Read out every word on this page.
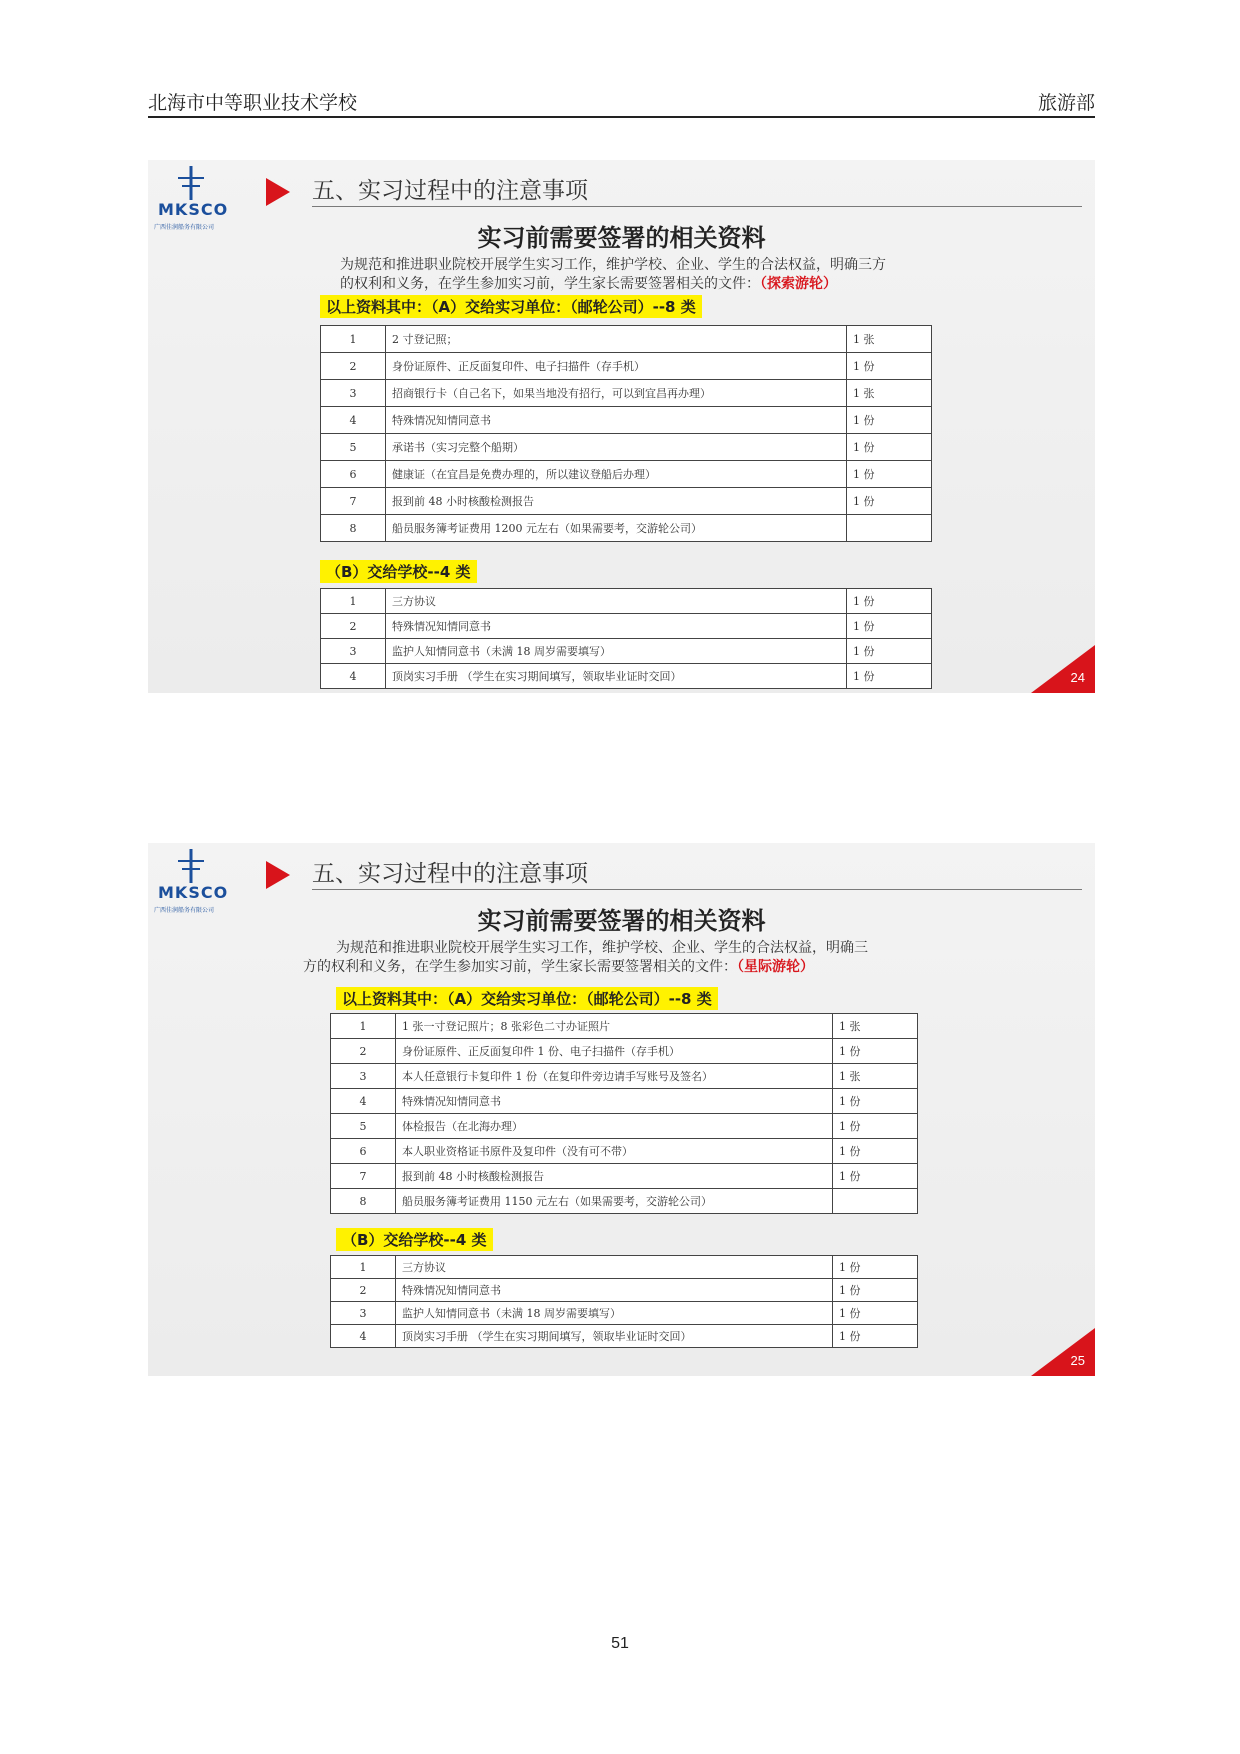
北海市中等职业技术学校	旅游部
MKSCO
广西佳润船务有限公司
五、实习过程中的注意事项
实习前需要签署的相关资料
为规范和推进职业院校开展学生实习工作，维护学校、企业、学生的合法权益，明确三方
的权利和义务，在学生参加实习前，学生家长需要签署相关的文件：（探索游轮）
以上资料其中：（A）交给实习单位：（邮轮公司）--8 类
1	2 寸登记照；	1 张
2	身份证原件、正反面复印件、电子扫描件（存手机）	1 份
3	招商银行卡（自己名下，如果当地没有招行，可以到宜昌再办理）	1 张
4	特殊情况知情同意书	1 份
5	承诺书（实习完整个船期）	1 份
6	健康证（在宜昌是免费办理的，所以建议登船后办理）	1 份
7	报到前 48 小时核酸检测报告	1 份
8	船员服务簿考证费用 1200 元左右（如果需要考，交游轮公司）	
（B）交给学校--4 类
1	三方协议	1 份
2	特殊情况知情同意书	1 份
3	监护人知情同意书（未满 18 周岁需要填写）	1 份
4	顶岗实习手册 （学生在实习期间填写，领取毕业证时交回）	1 份	24
MKSCO
广西佳润船务有限公司
五、实习过程中的注意事项
实习前需要签署的相关资料
为规范和推进职业院校开展学生实习工作，维护学校、企业、学生的合法权益，明确三
方的权利和义务，在学生参加实习前，学生家长需要签署相关的文件：（星际游轮）
以上资料其中：（A）交给实习单位：（邮轮公司）--8 类
1	1 张一寸登记照片；8 张彩色二寸办证照片	1 张
2	身份证原件、正反面复印件 1 份、电子扫描件（存手机）	1 份
3	本人任意银行卡复印件 1 份（在复印件旁边请手写账号及签名）	1 张
4	特殊情况知情同意书	1 份
5	体检报告（在北海办理）	1 份
6	本人职业资格证书原件及复印件（没有可不带）	1 份
7	报到前 48 小时核酸检测报告	1 份
8	船员服务簿考证费用 1150 元左右（如果需要考，交游轮公司）	
（B）交给学校--4 类
1	三方协议	1 份
2	特殊情况知情同意书	1 份
3	监护人知情同意书（未满 18 周岁需要填写）	1 份
4	顶岗实习手册 （学生在实习期间填写，领取毕业证时交回）	1 份
25
51
